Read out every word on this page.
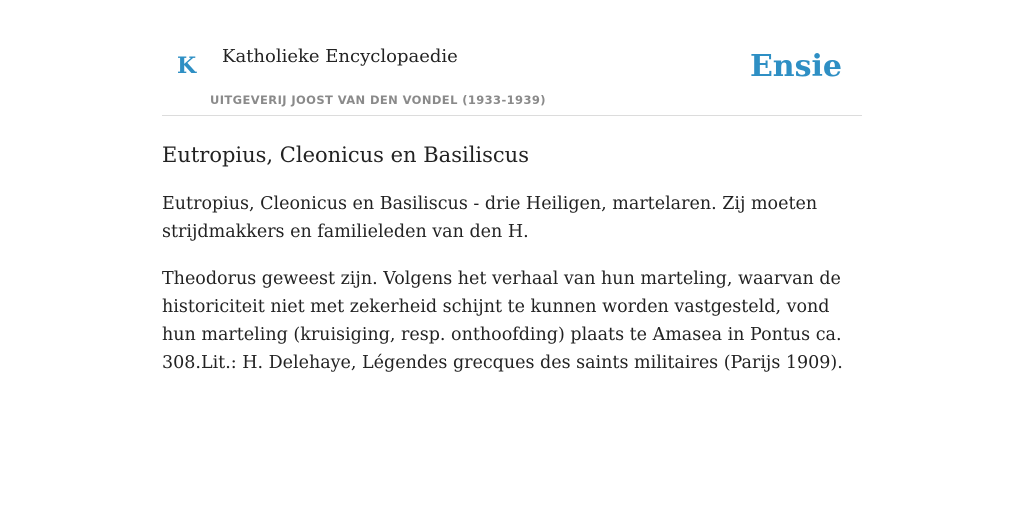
K Katholieke Encyclopaedie
UITGEVERIJ JOOST VAN DEN VONDEL (1933-1939)
Ensie
Eutropius, Cleonicus en Basiliscus

Eutropius, Cleonicus en Basiliscus - drie Heiligen, martelaren. Zij moeten strijdmakkers en familieleden van den H.

Theodorus geweest zijn. Volgens het verhaal van hun marteling, waarvan de historiciteit niet met zekerheid schijnt te kunnen worden vastgesteld, vond hun marteling (kruisiging, resp. onthoofding) plaats te Amasea in Pontus ca. 308.Lit.: H. Delehaye, Légendes grecques des saints militaires (Parijs 1909).
